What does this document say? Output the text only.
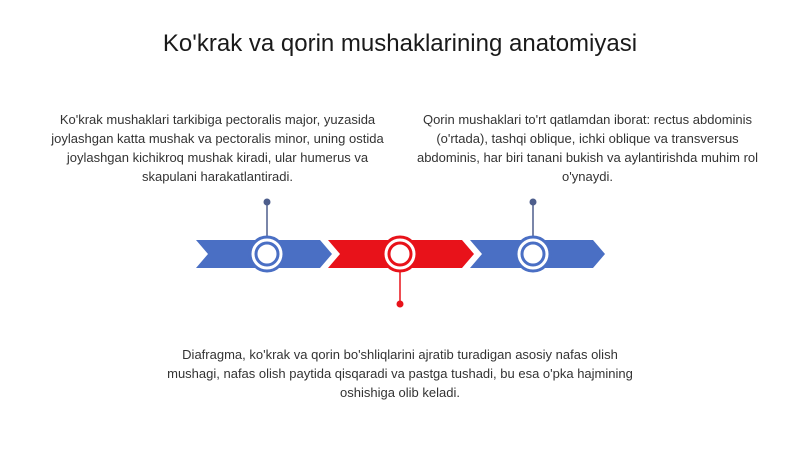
Ko'krak va qorin mushaklarining anatomiyasi
Ko'krak mushaklari tarkibiga pectoralis major, yuzasida joylashgan katta mushak va pectoralis minor, uning ostida joylashgan kichikroq mushak kiradi, ular humerus va skapulani harakatlantiradi.
Qorin mushaklari to'rt qatlamdan iborat: rectus abdominis (o'rtada), tashqi oblique, ichki oblique va transversus abdominis, har biri tanani bukish va aylantirishda muhim rol o'ynaydi.
Diafragma, ko'krak va qorin bo'shliqlarini ajratib turadigan asosiy nafas olish mushagi, nafas olish paytida qisqaradi va pastga tushadi, bu esa o'pka hajmining oshishiga olib keladi.
